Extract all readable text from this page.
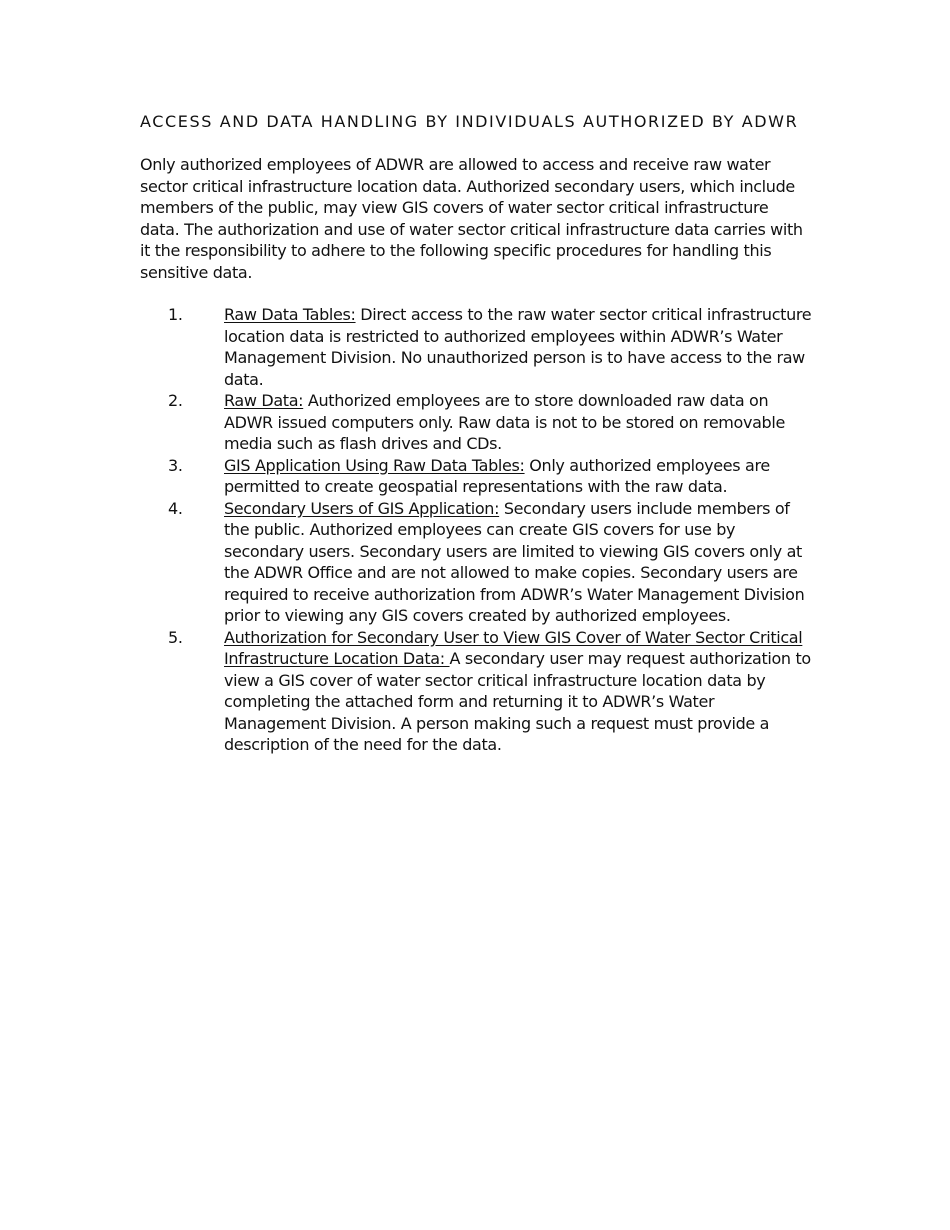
ACCESS AND DATA HANDLING BY INDIVIDUALS AUTHORIZED BY ADWR

Only authorized employees of ADWR are allowed to access and receive raw water sector critical infrastructure location data. Authorized secondary users, which include members of the public, may view GIS covers of water sector critical infrastructure data. The authorization and use of water sector critical infrastructure data carries with it the responsibility to adhere to the following specific procedures for handling this sensitive data.

1.	Raw Data Tables: Direct access to the raw water sector critical infrastructure location data is restricted to authorized employees within ADWR’s Water Management Division. No unauthorized person is to have access to the raw data.
2.	Raw Data: Authorized employees are to store downloaded raw data on ADWR issued computers only. Raw data is not to be stored on removable media such as flash drives and CDs.
3.	GIS Application Using Raw Data Tables: Only authorized employees are permitted to create geospatial representations with the raw data.
4.	Secondary Users of GIS Application: Secondary users include members of the public. Authorized employees can create GIS covers for use by secondary users. Secondary users are limited to viewing GIS covers only at the ADWR Office and are not allowed to make copies. Secondary users are required to receive authorization from ADWR’s Water Management Division prior to viewing any GIS covers created by authorized employees.
5.	Authorization for Secondary User to View GIS Cover of Water Sector Critical Infrastructure Location Data: A secondary user may request authorization to view a GIS cover of water sector critical infrastructure location data by completing the attached form and returning it to ADWR’s Water Management Division. A person making such a request must provide a description of the need for the data.
